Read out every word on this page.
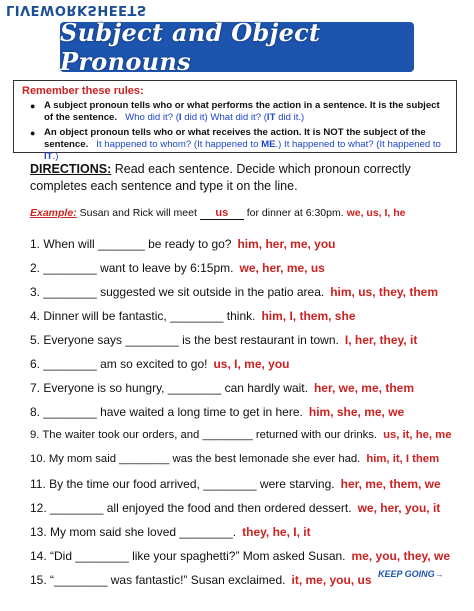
LIVEWORKSHEETS
Subject and Object Pronouns
Remember these rules:
● A subject pronoun tells who or what performs the action in a sentence. It is the subject of the sentence. Who did it? (I did it) What did it? (IT did it.)
● An object pronoun tells who or what receives the action. It is NOT the subject of the sentence. It happened to whom? (It happened to ME.) It happened to what? (It happened to IT.)
DIRECTIONS: Read each sentence. Decide which pronoun correctly completes each sentence and type it on the line.
Example: Susan and Rick will meet us for dinner at 6:30pm. we, us, I, he
1. When will _______ be ready to go? him, her, me, you
2. ________ want to leave by 6:15pm. we, her, me, us
3. ________ suggested we sit outside in the patio area. him, us, they, them
4. Dinner will be fantastic, ________ think. him, I, them, she
5. Everyone says ________ is the best restaurant in town. I, her, they, it
6. ________ am so excited to go! us, I, me, you
7. Everyone is so hungry, ________ can hardly wait. her, we, me, them
8. ________ have waited a long time to get in here. him, she, me, we
9. The waiter took our orders, and ________ returned with our drinks. us, it, he, me
10. My mom said ________ was the best lemonade she ever had. him, it, I them
11. By the time our food arrived, ________ were starving. her, me, them, we
12. ________ all enjoyed the food and then ordered dessert. we, her, you, it
13. My mom said she loved ________. they, he, I, it
14. “Did ________ like your spaghetti?” Mom asked Susan. me, you, they, we
15. “________ was fantastic!” Susan exclaimed. it, me, you, us KEEP GOING→
